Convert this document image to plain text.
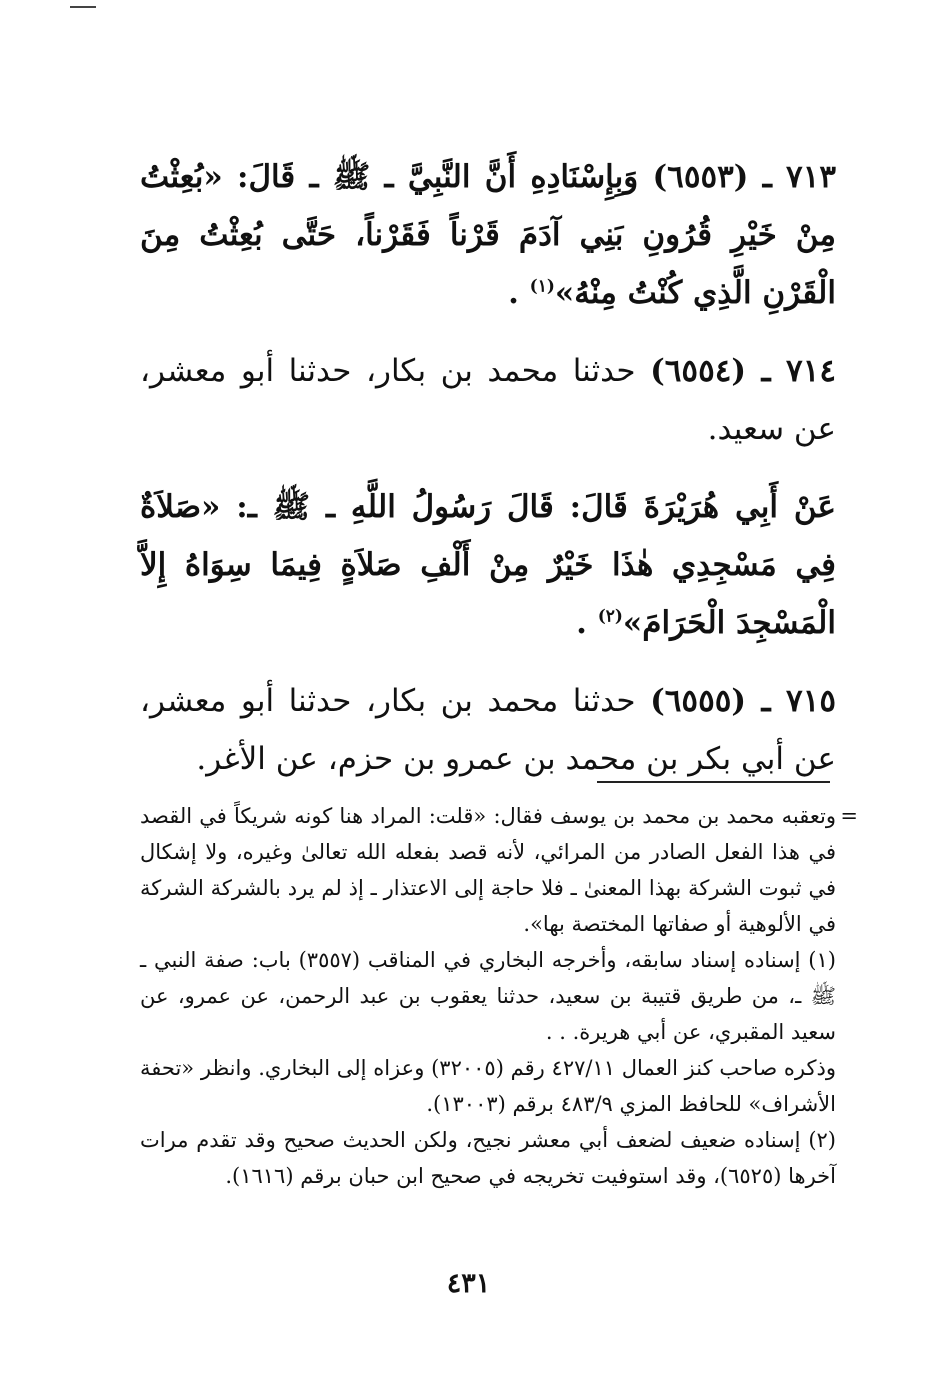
٧١٣ ـ (٦٥٥٣) وَبِإِسْنَادِهِ أَنَّ النَّبِيَّ ـ ﷺ ـ قَالَ: «بُعِثْتُ مِنْ خَيْرِ قُرُونِ بَنِي آدَمَ قَرْناً فَقَرْناً، حَتَّى بُعِثْتُ مِنَ الْقَرْنِ الَّذِي كُنْتُ مِنْهُ»$^{(١)}$ .

٧١٤ ـ (٦٥٥٤) حدثنا محمد بن بكار، حدثنا أبو معشر، عن سعيد.

عَنْ أَبِي هُرَيْرَةَ قَالَ: قَالَ رَسُولُ اللَّهِ ـ ﷺ ـ: «صَلاَةٌ فِي مَسْجِدِي هٰذَا خَيْرٌ مِنْ أَلْفِ صَلاَةٍ فِيمَا سِوَاهُ إِلاَّ الْمَسْجِدَ الْحَرَامَ»$^{(٢)}$ .

٧١٥ ـ (٦٥٥٥) حدثنا محمد بن بكار، حدثنا أبو معشر، عن أبي بكر بن محمد بن عمرو بن حزم، عن الأغر.

=
وتعقبه محمد بن محمد بن يوسف فقال: «قلت: المراد هنا كونه شريكاً في القصد في هذا الفعل الصادر من المرائي، لأنه قصد بفعله الله تعالىٰ وغيره، ولا إشكال في ثبوت الشركة بهذا المعنىٰ ـ فلا حاجة إلى الاعتذار ـ إذ لم يرد بالشركة الشركة في الألوهية أو صفاتها المختصة بها».

(١) إسناده إسناد سابقه، وأخرجه البخاري في المناقب (٣٥٥٧) باب: صفة النبي ـ ﷺ ـ، من طريق قتيبة بن سعيد، حدثنا يعقوب بن عبد الرحمن، عن عمرو، عن سعيد المقبري، عن أبي هريرة. . .

وذكره صاحب كنز العمال ٤٢٧/١١ رقم (٣٢٠٠٥) وعزاه إلى البخاري. وانظر «تحفة الأشراف» للحافظ المزي ٤٨٣/٩ برقم (١٣٠٠٣).

(٢) إسناده ضعيف لضعف أبي معشر نجيح، ولكن الحديث صحيح وقد تقدم مرات آخرها (٦٥٢٥)، وقد استوفيت تخريجه في صحيح ابن حبان برقم (١٦١٦).

٤٣١
